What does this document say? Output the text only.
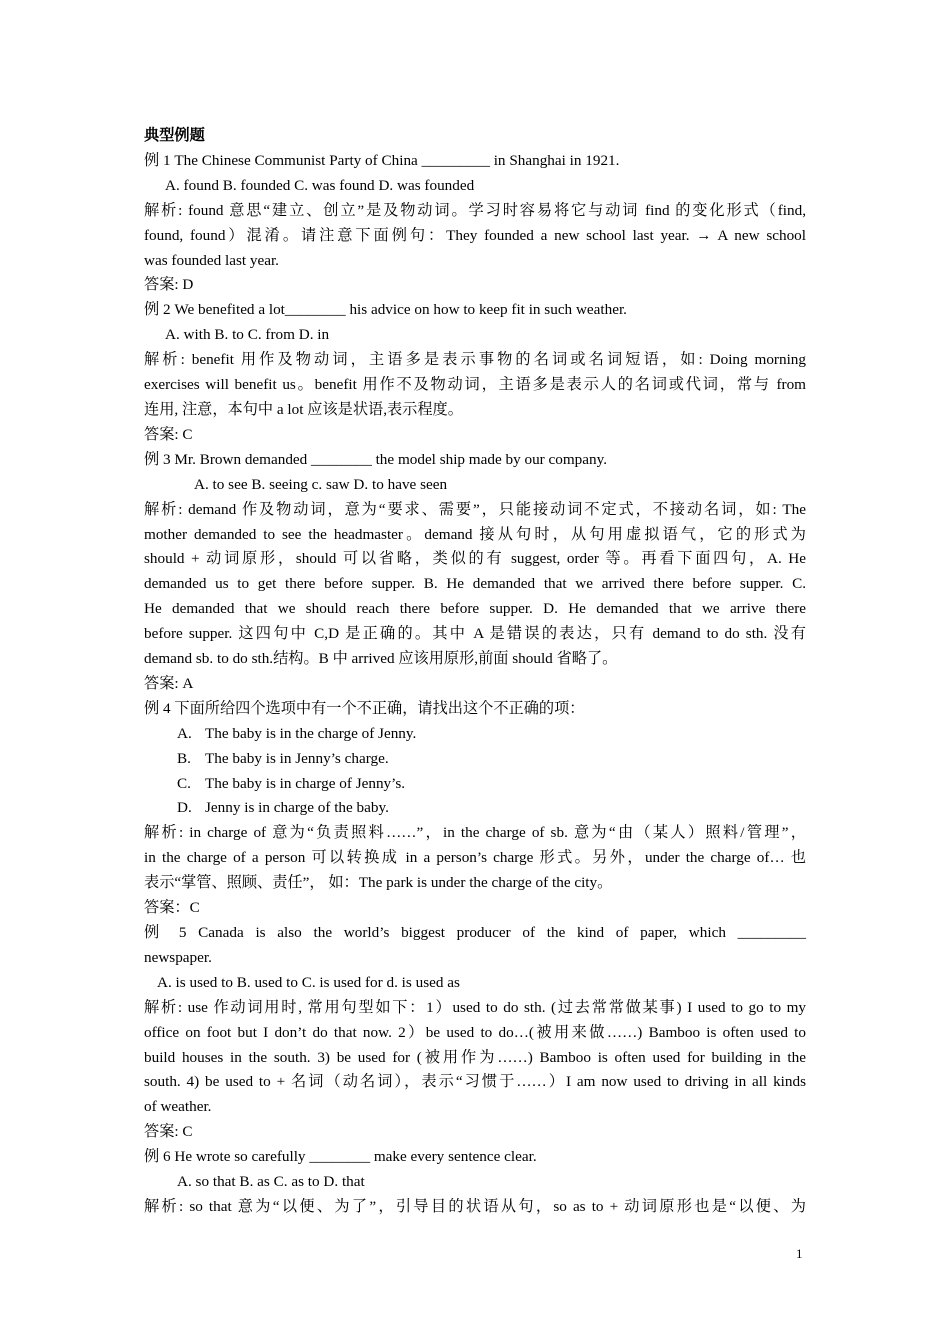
典型例题

例 1 The Chinese Communist Party of China _________ in Shanghai in 1921.

A. found B. founded C. was found D. was founded

解析: found 意思“建立、创立”是及物动词。学习时容易将它与动词 find 的变化形式（find,

found, found）混淆。请注意下面例句：They founded a new school last year. → A new school

was founded last year.

答案: D

例 2 We benefited a lot________ his advice on how to keep fit in such weather.

A. with B. to C. from D. in

解析: benefit 用作及物动词，主语多是表示事物的名词或名词短语，如: Doing morning

exercises will benefit us。benefit 用作不及物动词，主语多是表示人的名词或代词，常与 from

连用, 注意，本句中 a lot 应该是状语,表示程度。

答案: C

例 3 Mr. Brown demanded ________ the model ship made by our company.

A. to see B. seeing c. saw D. to have seen

解析: demand 作及物动词，意为“要求、需要”，只能接动词不定式，不接动名词，如: The

mother demanded to see the headmaster。demand 接从句时，从句用虚拟语气，它的形式为

should + 动词原形，should 可以省略，类似的有 suggest, order 等。再看下面四句，A. He

demanded us to get there before supper. B. He demanded that we arrived there before supper. C.

He demanded that we should reach there before supper. D. He demanded that we arrive there

before supper. 这四句中 C,D 是正确的。其中 A 是错误的表达，只有 demand to do sth. 没有

demand sb. to do sth.结构。B 中 arrived 应该用原形,前面 should 省略了。

答案: A

例 4 下面所给四个选项中有一个不正确，请找出这个不正确的项：

A. The baby is in the charge of Jenny.

B. The baby is in Jenny’s charge.

C. The baby is in charge of Jenny’s.

D. Jenny is in charge of the baby.

解析: in charge of 意为“负责照料……”，in the charge of sb. 意为“由（某人）照料/管理”，

in the charge of a person 可以转换成 in a person’s charge 形式。另外，under the charge of… 也

表示“掌管、照顾、责任”， 如：The park is under the charge of the city。

答案：C

例 5 Canada is also the world’s biggest producer of the kind of paper, which _________

newspaper.

A. is used to B. used to C. is used for d. is used as

解析: use 作动词用时, 常用句型如下：1）used to do sth. (过去常常做某事) I used to go to my

office on foot but I don’t do that now. 2）be used to do…(被用来做……) Bamboo is often used to

build houses in the south. 3) be used for (被用作为……) Bamboo is often used for building in the

south. 4) be used to + 名词（动名词），表示“习惯于……）I am now used to driving in all kinds

of weather.

答案: C

例 6 He wrote so carefully ________ make every sentence clear.

A. so that B. as C. as to D. that

解析: so that 意为“以便、为了”，引导目的状语从句，so as to + 动词原形也是“以便、为

1
